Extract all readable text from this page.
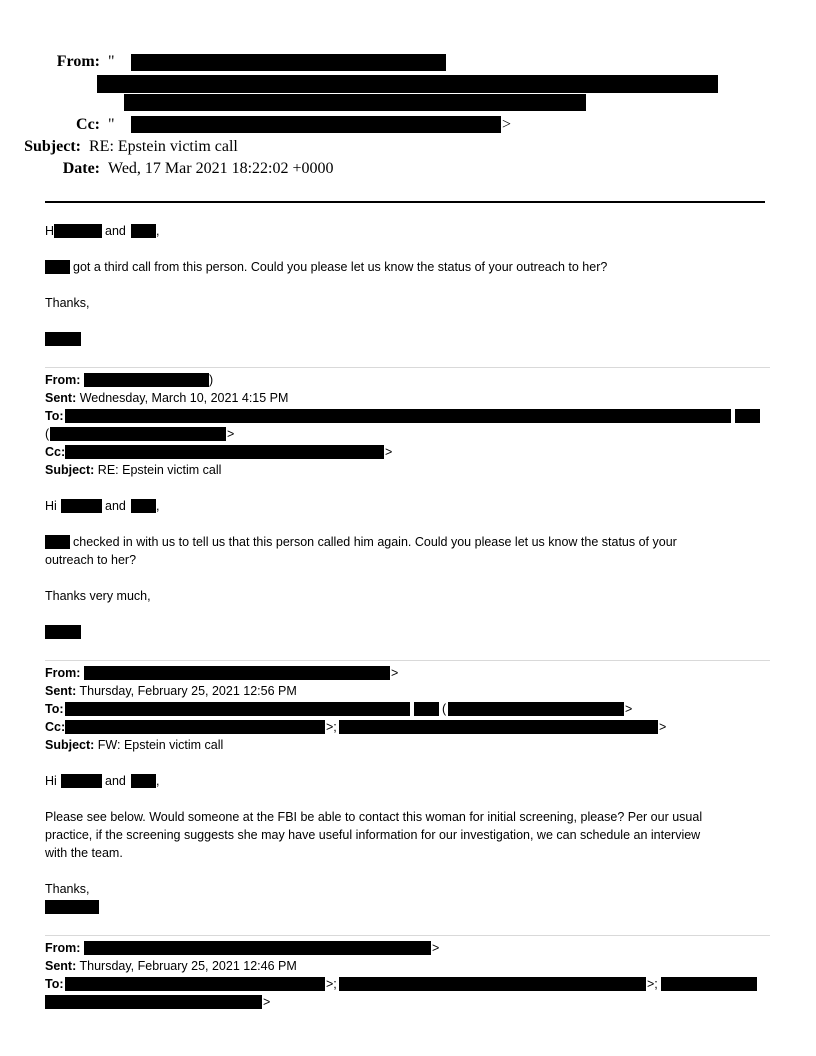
From: "
Cc: "	>
Subject: RE: Epstein victim call
Date: Wed, 17 Mar 2021 18:22:02 +0000
H	and ,
got a third call from this person. Could you please let us know the status of your outreach to her?
Thanks,
From:	)
Sent: Wednesday, March 10, 2021 4:15 PM
To:
(	>
Cc:	>
Subject: RE: Epstein victim call
Hi	and ,
checked in with us to tell us that this person called him again. Could you please let us know the status of your
outreach to her?
Thanks very much,
From:	>
Sent: Thursday, February 25, 2021 12:56 PM
To:	(	>
Cc:	>;	>
Subject: FW: Epstein victim call
Hi	and ,
Please see below. Would someone at the FBI be able to contact this woman for initial screening, please? Per our usual
practice, if the screening suggests she may have useful information for our investigation, we can schedule an interview
with the team.
Thanks,
From:	>
Sent: Thursday, February 25, 2021 12:46 PM
To:	>;	>;
>
